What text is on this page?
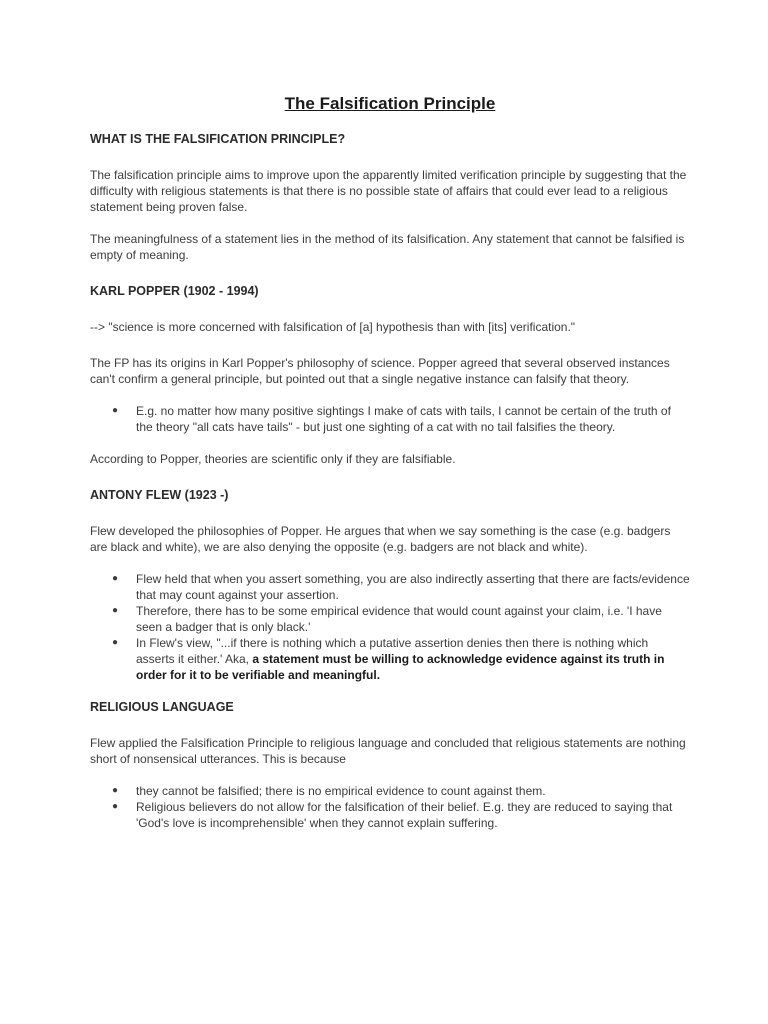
The Falsification Principle
WHAT IS THE FALSIFICATION PRINCIPLE?

The falsification principle aims to improve upon the apparently limited verification principle by suggesting that the difficulty with religious statements is that there is no possible state of affairs that could ever lead to a religious statement being proven false.

The meaningfulness of a statement lies in the method of its falsification. Any statement that cannot be falsified is empty of meaning.

KARL POPPER (1902 - 1994)

--> "science is more concerned with falsification of [a] hypothesis than with [its] verification."

The FP has its origins in Karl Popper's philosophy of science. Popper agreed that several observed instances can't confirm a general principle, but pointed out that a single negative instance can falsify that theory.

● E.g. no matter how many positive sightings I make of cats with tails, I cannot be certain of the truth of the theory "all cats have tails" - but just one sighting of a cat with no tail falsifies the theory.

According to Popper, theories are scientific only if they are falsifiable.

ANTONY FLEW (1923 -)

Flew developed the philosophies of Popper. He argues that when we say something is the case (e.g. badgers are black and white), we are also denying the opposite (e.g. badgers are not black and white).

● Flew held that when you assert something, you are also indirectly asserting that there are facts/evidence that may count against your assertion.
● Therefore, there has to be some empirical evidence that would count against your claim, i.e. 'I have seen a badger that is only black.'
● In Flew's view, "...if there is nothing which a putative assertion denies then there is nothing which asserts it either.' Aka, a statement must be willing to acknowledge evidence against its truth in order for it to be verifiable and meaningful.
RELIGIOUS LANGUAGE

Flew applied the Falsification Principle to religious language and concluded that religious statements are nothing short of nonsensical utterances. This is because

● they cannot be falsified; there is no empirical evidence to count against them.
● Religious believers do not allow for the falsification of their belief. E.g. they are reduced to saying that 'God's love is incomprehensible' when they cannot explain suffering.
